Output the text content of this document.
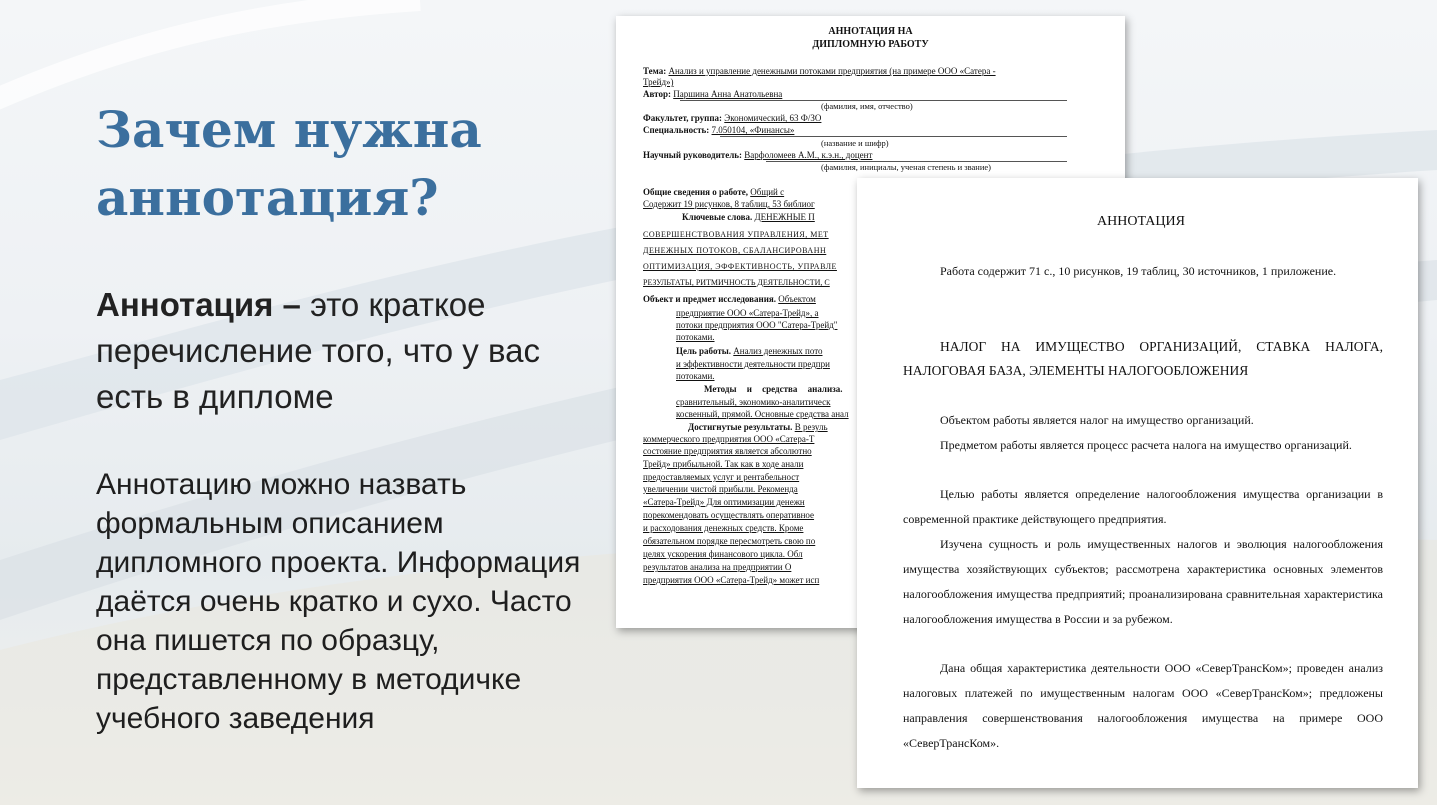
Зачем нужна аннотация?
Аннотация – это краткое перечисление того, что у вас есть в дипломе
Аннотацию можно назвать формальным описанием дипломного проекта. Информация даётся очень кратко и сухо. Часто она пишется по образцу, представленному в методичке учебного заведения
АННОТАЦИЯ НА
ДИПЛОМНУЮ РАБОТУ
Тема: Анализ и управление денежными потоками предприятия (на примере ООО «Сатера -
Трейд»)
Автор: Паршина Анна Анатольевна
(фамилия, имя, отчество)
Факультет, группа: Экономический, 63 Ф/ЗО
Специальность: 7.050104, «Финансы»
(название и шифр)
Научный руководитель: Варфоломеев А.М., к.э.н., доцент
(фамилия, инициалы, ученая степень и звание)
Общие сведения о работе, Общий с
Содержит 19 рисунков, 8 таблиц, 53 библиог
Ключевые слова. ДЕНЕЖНЫЕ П
СОВЕРШЕНСТВОВАНИЯ УПРАВЛЕНИЯ, МЕТ
ДЕНЕЖНЫХ ПОТОКОВ, СБАЛАНСИРОВАНН
ОПТИМИЗАЦИЯ, ЭФФЕКТИВНОСТЬ, УПРАВЛЕ
РЕЗУЛЬТАТЫ, РИТМИЧНОСТЬ ДЕЯТЕЛЬНОСТИ, С
Объект и предмет исследования. Объектом
предприятие ООО «Сатера-Трейд», а
потоки предприятия ООО "Сатера-Трейд"
потоками.
Цель работы. Анализ денежных пото
и эффективности деятельности предпри
потоками.
Методы и средства анализа.
сравнительный, экономико-аналитическ
косвенный, прямой. Основные средства анал
Достигнутые результаты. В резуль
коммерческого предприятия ООО «Сатера-Т
состояние предприятия является абсолютно
Трейд» прибыльной. Так как в ходе анали
предоставляемых услуг и рентабельност
увеличении чистой прибыли. Рекоменда
«Сатера-Трейд» Для оптимизации денежн
порекомендовать осуществлять оперативное
и расходования денежных средств. Кроме
обязательном порядке пересмотреть свою по
целях ускорения финансового цикла. Обл
результатов анализа на предприятии О
предприятия ООО «Сатера-Трейд» может исп
АННОТАЦИЯ
Работа содержит 71 с., 10 рисунков, 19 таблиц, 30 источников, 1 приложение.
НАЛОГ НА ИМУЩЕСТВО ОРГАНИЗАЦИЙ, СТАВКА НАЛОГА, НАЛОГОВАЯ БАЗА, ЭЛЕМЕНТЫ НАЛОГООБЛОЖЕНИЯ
Объектом работы является налог на имущество организаций.
Предметом работы является процесс расчета налога на имущество организаций.
Целью работы является определение налогообложения имущества организации в современной практике действующего предприятия.
Изучена сущность и роль имущественных налогов и эволюция налогообложения имущества хозяйствующих субъектов; рассмотрена характеристика основных элементов налогообложения имущества предприятий; проанализирована сравнительная характеристика налогообложения имущества в России и за рубежом.
Дана общая характеристика деятельности ООО «СеверТрансКом»; проведен анализ налоговых платежей по имущественным налогам ООО «СеверТрансКом»; предложены направления совершенствования налогообложения имущества на примере ООО «СеверТрансКом».
